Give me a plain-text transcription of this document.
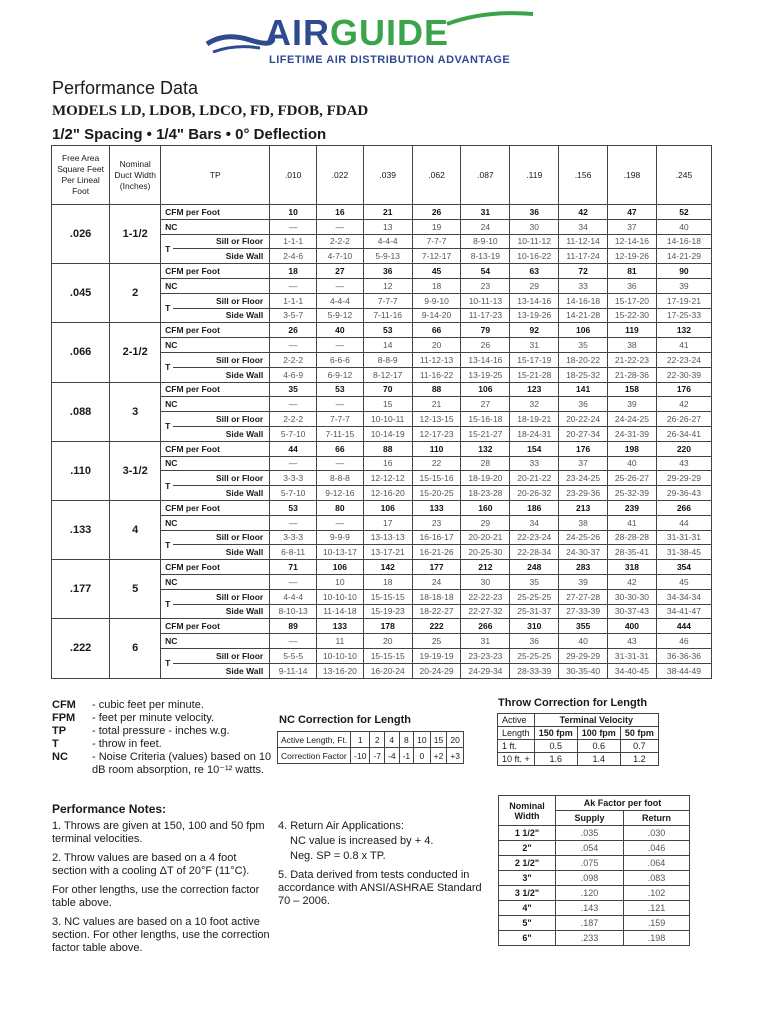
AIRGUIDE
LIFETIME AIR DISTRIBUTION ADVANTAGE
Performance Data
MODELS LD, LDOB, LDCO, FD, FDOB, FDAD
1/2" Spacing • 1/4" Bars • 0° Deflection
Free Area Square Feet Per Lineal Foot	Nominal Duct Width (Inches)	TP		.010	.022	.039	.062	.087	.119	.156	.198	.245
.026	1-1/2	CFM per Foot		10	16	21	26	31	36	42	47	52
		NC		—	—	13	19	24	30	34	37	40
		T	Sill or Floor	1-1-1	2-2-2	4-4-4	7-7-7	8-9-10	10-11-12	11-12-14	12-14-16	14-16-18
			Side Wall	2-4-6	4-7-10	5-9-13	7-12-17	8-13-19	10-16-22	11-17-24	12-19-26	14-21-29
.045	2	CFM per Foot		18	27	36	45	54	63	72	81	90
		NC		—	—	12	18	23	29	33	36	39
		T	Sill or Floor	1-1-1	4-4-4	7-7-7	9-9-10	10-11-13	13-14-16	14-16-18	15-17-20	17-19-21
			Side Wall	3-5-7	5-9-12	7-11-16	9-14-20	11-17-23	13-19-26	14-21-28	15-22-30	17-25-33
.066	2-1/2	CFM per Foot		26	40	53	66	79	92	106	119	132
		NC		—	—	14	20	26	31	35	38	41
		T	Sill or Floor	2-2-2	6-6-6	8-8-9	11-12-13	13-14-16	15-17-19	18-20-22	21-22-23	22-23-24
			Side Wall	4-6-9	6-9-12	8-12-17	11-16-22	13-19-25	15-21-28	18-25-32	21-28-36	22-30-39
.088	3	CFM per Foot		35	53	70	88	106	123	141	158	176
		NC		—	—	15	21	27	32	36	39	42
		T	Sill or Floor	2-2-2	7-7-7	10-10-11	12-13-15	15-16-18	18-19-21	20-22-24	24-24-25	26-26-27
			Side Wall	5-7-10	7-11-15	10-14-19	12-17-23	15-21-27	18-24-31	20-27-34	24-31-39	26-34-41
.110	3-1/2	CFM per Foot		44	66	88	110	132	154	176	198	220
		NC		—	—	16	22	28	33	37	40	43
		T	Sill or Floor	3-3-3	8-8-8	12-12-12	15-15-16	18-19-20	20-21-22	23-24-25	25-26-27	29-29-29
			Side Wall	5-7-10	9-12-16	12-16-20	15-20-25	18-23-28	20-26-32	23-29-36	25-32-39	29-36-43
.133	4	CFM per Foot		53	80	106	133	160	186	213	239	266
		NC		—	—	17	23	29	34	38	41	44
		T	Sill or Floor	3-3-3	9-9-9	13-13-13	16-16-17	20-20-21	22-23-24	24-25-26	28-28-28	31-31-31
			Side Wall	6-8-11	10-13-17	13-17-21	16-21-26	20-25-30	22-28-34	24-30-37	28-35-41	31-38-45
.177	5	CFM per Foot		71	106	142	177	212	248	283	318	354
		NC		—	10	18	24	30	35	39	42	45
		T	Sill or Floor	4-4-4	10-10-10	15-15-15	18-18-18	22-22-23	25-25-25	27-27-28	30-30-30	34-34-34
			Side Wall	8-10-13	11-14-18	15-19-23	18-22-27	22-27-32	25-31-37	27-33-39	30-37-43	34-41-47
.222	6	CFM per Foot		89	133	178	222	266	310	355	400	444
		NC		—	11	20	25	31	36	40	43	46
		T	Sill or Floor	5-5-5	10-10-10	15-15-15	19-19-19	23-23-23	25-25-25	29-29-29	31-31-31	36-36-36
			Side Wall	9-11-14	13-16-20	16-20-24	20-24-29	24-29-34	28-33-39	30-35-40	34-40-45	38-44-49
CFM - cubic feet per minute.
FPM - feet per minute velocity.
TP - total pressure - inches w.g.
T	- throw in feet.
NC	- Noise Criteria (values) based on 10 dB room absorption, re 10⁻¹² watts.
Performance Notes:

1. Throws are given at 150, 100 and 50 fpm terminal velocities.

2. Throw values are based on a 4 foot section with a cooling ΔT of 20°F (11°C).

For other lengths, use the correction factor table above.

3. NC values are based on a 10 foot active section. For other lengths, use the correction factor table above.

4. Return Air Applications:

NC value is increased by + 4.

Neg. SP = 0.8 x TP.

5. Data derived from tests conducted in accordance with ANSI/ASHRAE Standard 70 – 2006.

NC Correction for Length
Active Length, Ft.	1	2	4	8	10	15	20
Correction Factor	-10	-7	-4	-1	0	+2	+3
Throw Correction for Length
Active	Terminal Velocity		
Length	150 fpm	100 fpm	50 fpm
1 ft.	0.5	0.6	0.7
10 ft. +	1.6	1.4	1.2
Nominal Width	Ak Factor per foot	
	Supply	Return
1 1/2"	.035	.030
2"	.054	.046
2 1/2"	.075	.064
3"	.098	.083
3 1/2"	.120	.102
4"	.143	.121
5"	.187	.159
6"	.233	.198
